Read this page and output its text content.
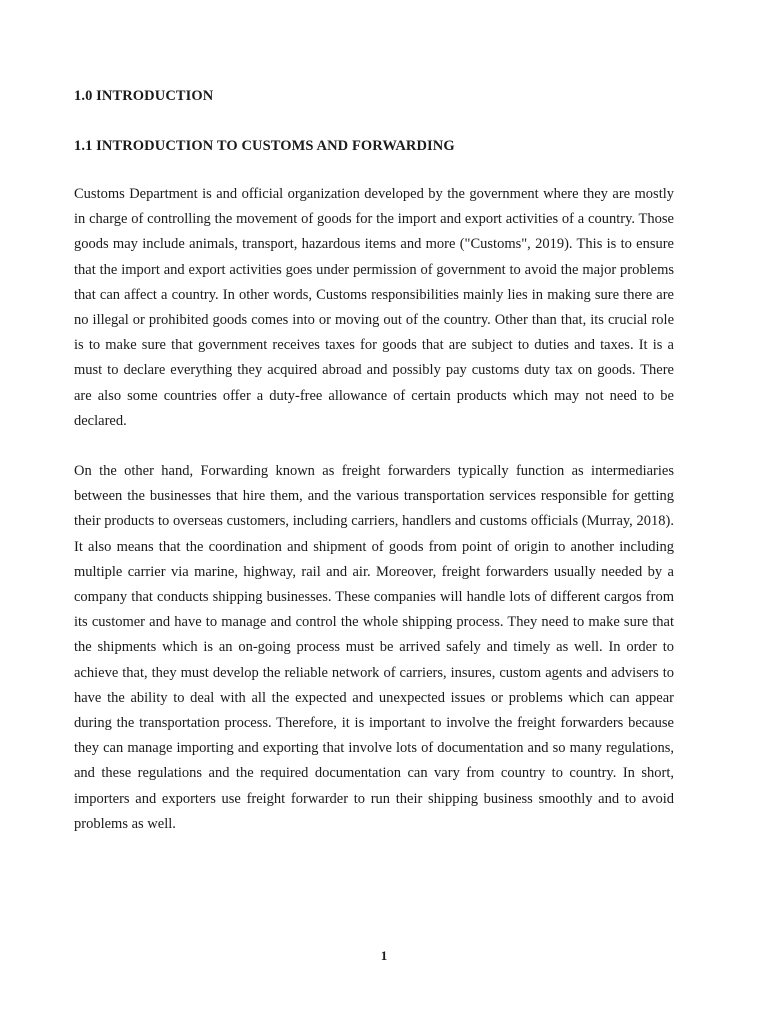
1.0 INTRODUCTION
1.1 INTRODUCTION TO CUSTOMS AND FORWARDING

Customs Department is and official organization developed by the government where they are mostly in charge of controlling the movement of goods for the import and export activities of a country. Those goods may include animals, transport, hazardous items and more ("Customs", 2019). This is to ensure that the import and export activities goes under permission of government to avoid the major problems that can affect a country. In other words, Customs responsibilities mainly lies in making sure there are no illegal or prohibited goods comes into or moving out of the country. Other than that, its crucial role is to make sure that government receives taxes for goods that are subject to duties and taxes. It is a must to declare everything they acquired abroad and possibly pay customs duty tax on goods. There are also some countries offer a duty-free allowance of certain products which may not need to be declared.

On the other hand, Forwarding known as freight forwarders typically function as intermediaries between the businesses that hire them, and the various transportation services responsible for getting their products to overseas customers, including carriers, handlers and customs officials (Murray, 2018). It also means that the coordination and shipment of goods from point of origin to another including multiple carrier via marine, highway, rail and air. Moreover, freight forwarders usually needed by a company that conducts shipping businesses. These companies will handle lots of different cargos from its customer and have to manage and control the whole shipping process. They need to make sure that the shipments which is an on-going process must be arrived safely and timely as well. In order to achieve that, they must develop the reliable network of carriers, insures, custom agents and advisers to have the ability to deal with all the expected and unexpected issues or problems which can appear during the transportation process. Therefore, it is important to involve the freight forwarders because they can manage importing and exporting that involve lots of documentation and so many regulations, and these regulations and the required documentation can vary from country to country. In short, importers and exporters use freight forwarder to run their shipping business smoothly and to avoid problems as well.

1
